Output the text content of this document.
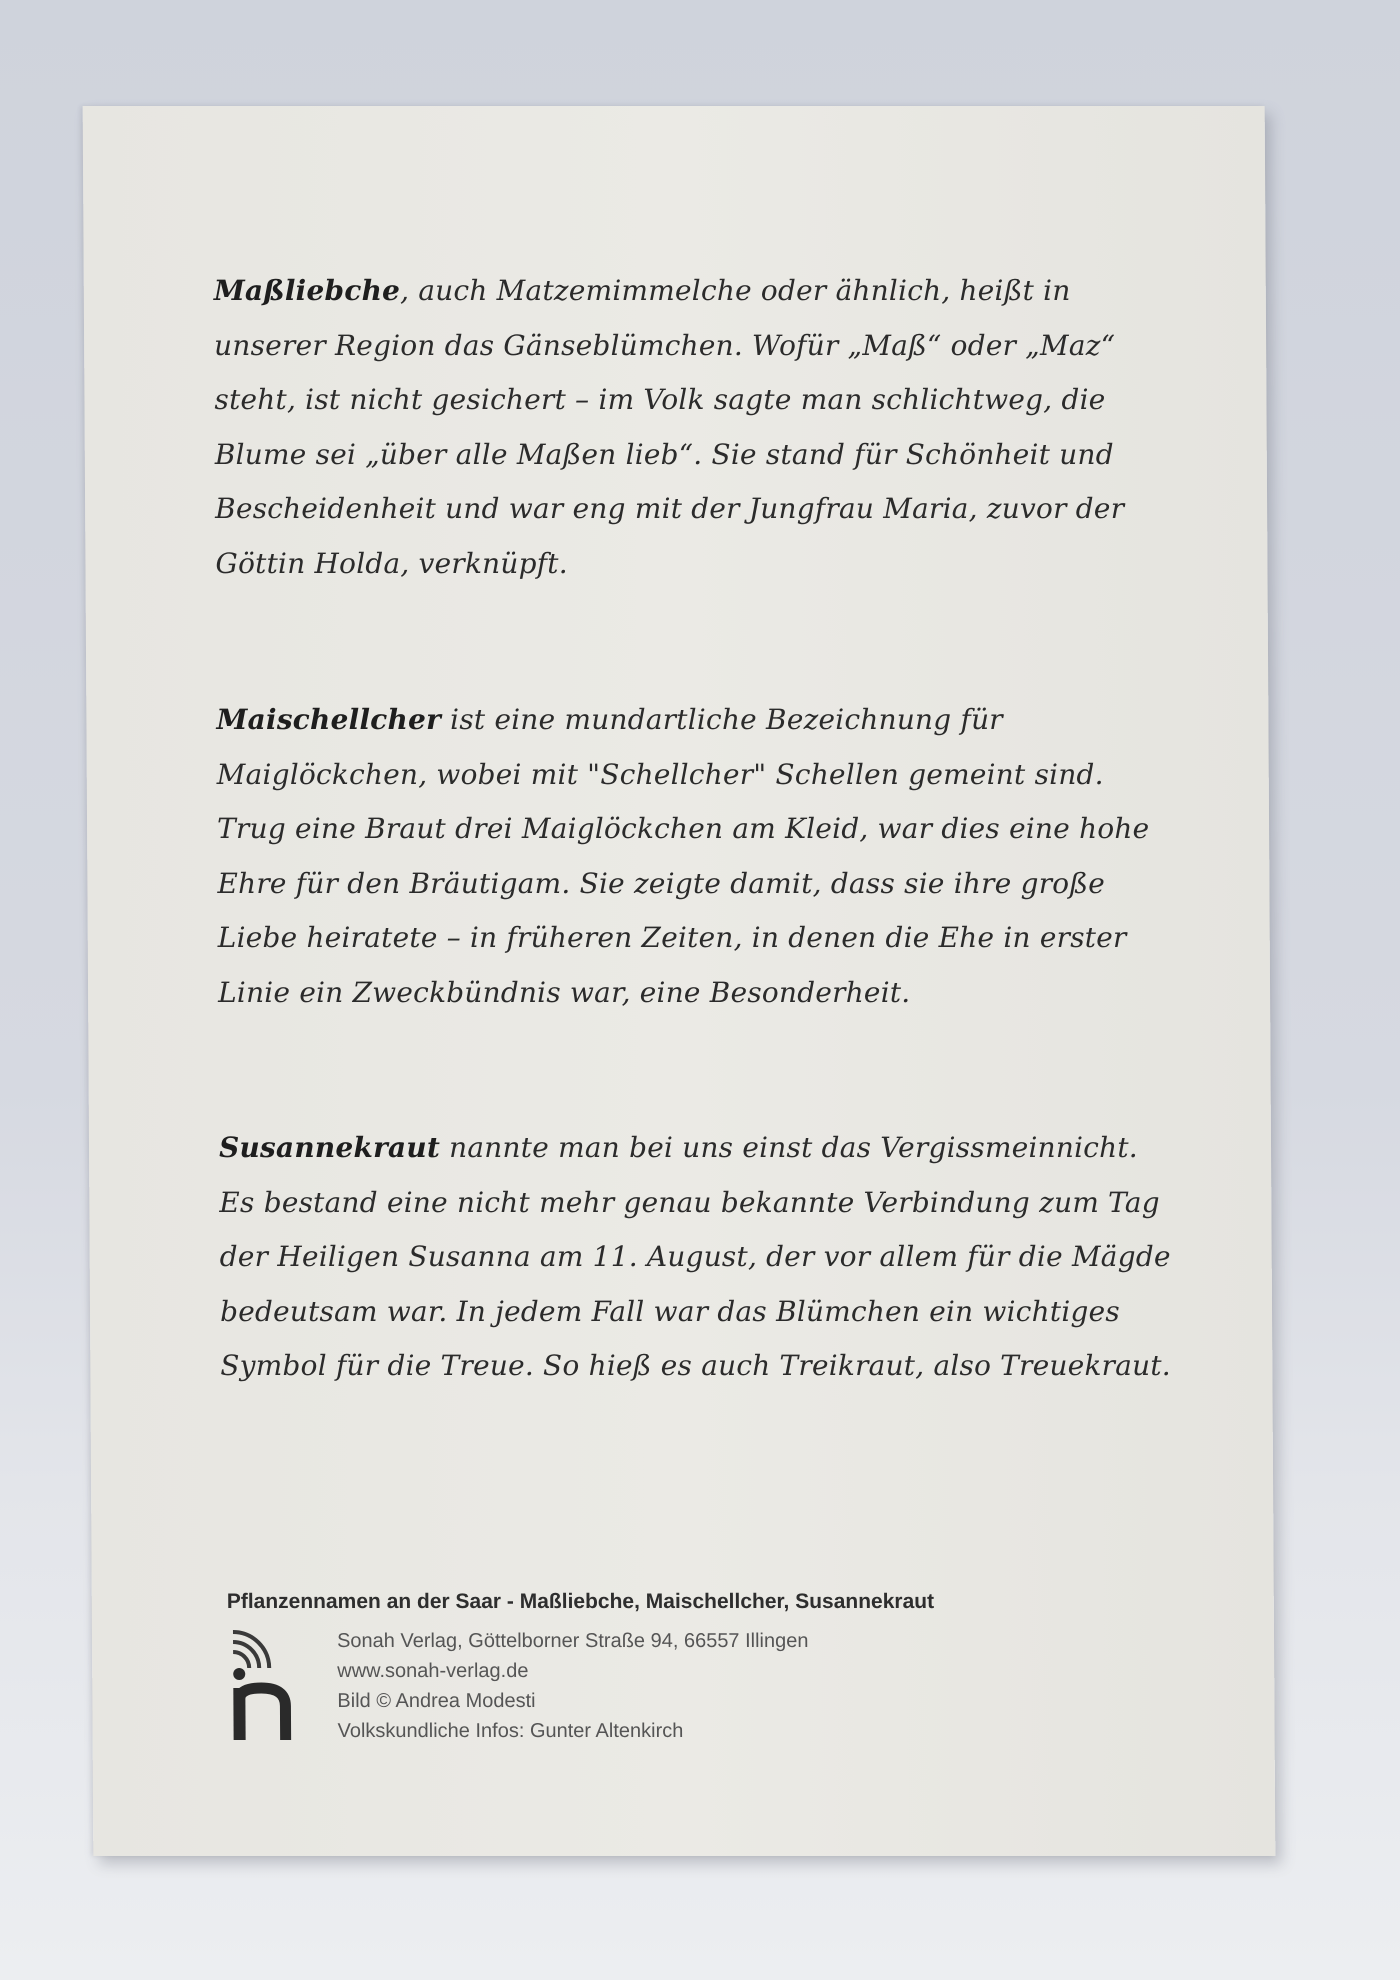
Maßliebche, auch Matzemimmelche oder ähnlich, heißt in unserer Region das Gänseblümchen. Wofür „Maß“ oder „Maz“ steht, ist nicht gesichert – im Volk sagte man schlichtweg, die Blume sei „über alle Maßen lieb“. Sie stand für Schönheit und Bescheidenheit und war eng mit der Jungfrau Maria, zuvor der Göttin Holda, verknüpft.

Maischellcher ist eine mundartliche Bezeichnung für Maiglöckchen, wobei mit "Schellcher" Schellen gemeint sind. Trug eine Braut drei Maiglöckchen am Kleid, war dies eine hohe Ehre für den Bräutigam. Sie zeigte damit, dass sie ihre große Liebe heiratete – in früheren Zeiten, in denen die Ehe in erster Linie ein Zweckbündnis war, eine Besonderheit.

Susannekraut nannte man bei uns einst das Vergissmeinnicht. Es bestand eine nicht mehr genau bekannte Verbindung zum Tag der Heiligen Susanna am 11. August, der vor allem für die Mägde bedeutsam war. In jedem Fall war das Blümchen ein wichtiges Symbol für die Treue. So hieß es auch Treikraut, also Treuekraut.

Pflanzennamen an der Saar - Maßliebche, Maischellcher, Susannekraut
Sonah Verlag, Göttelborner Straße 94, 66557 Illingen
www.sonah-verlag.de
Bild © Andrea Modesti
Volkskundliche Infos: Gunter Altenkirch
